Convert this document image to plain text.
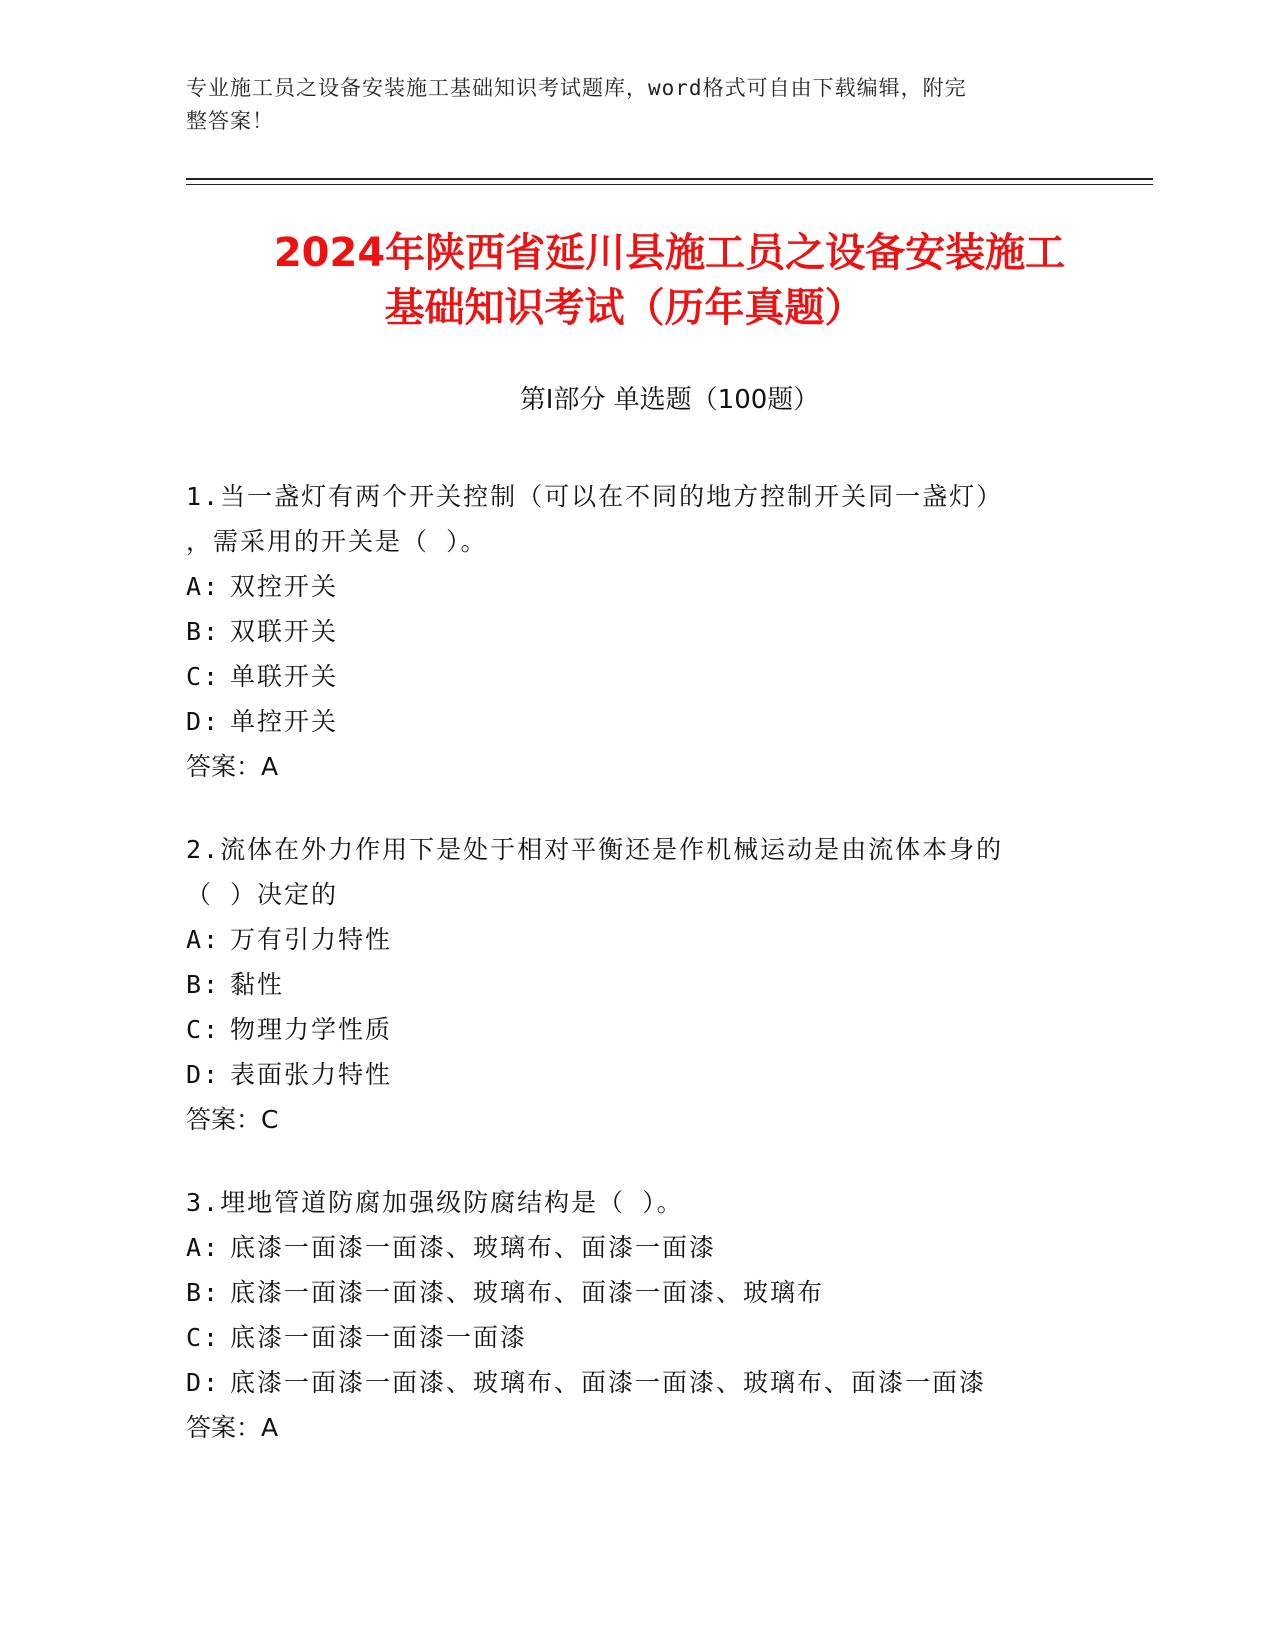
专业施工员之设备安装施工基础知识考试题库，word格式可自由下载编辑，附完
整答案！
2024年陕西省延川县施工员之设备安装施工
基础知识考试（历年真题）
第Ⅰ部分 单选题（100题）
1.当一盏灯有两个开关控制（可以在不同的地方控制开关同一盏灯）
，需采用的开关是（ ）。
A: 双控开关
B: 双联开关
C: 单联开关
D: 单控开关
答案：A
2.流体在外力作用下是处于相对平衡还是作机械运动是由流体本身的
（ ）决定的
A: 万有引力特性
B: 黏性
C: 物理力学性质
D: 表面张力特性
答案：C
3.埋地管道防腐加强级防腐结构是（ ）。
A: 底漆一面漆一面漆、玻璃布、面漆一面漆
B: 底漆一面漆一面漆、玻璃布、面漆一面漆、玻璃布
C: 底漆一面漆一面漆一面漆
D: 底漆一面漆一面漆、玻璃布、面漆一面漆、玻璃布、面漆一面漆
答案：A
